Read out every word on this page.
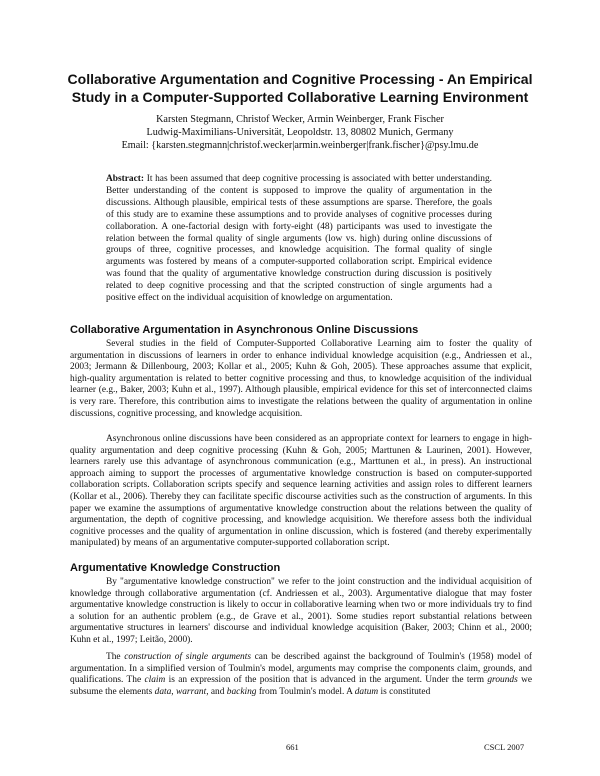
Collaborative Argumentation and Cognitive Processing - An Empirical
Study in a Computer-Supported Collaborative Learning Environment
Karsten Stegmann, Christof Wecker, Armin Weinberger, Frank Fischer
Ludwig-Maximilians-Universität, Leopoldstr. 13, 80802 Munich, Germany
Email: {karsten.stegmann|christof.wecker|armin.weinberger|frank.fischer}@psy.lmu.de
Abstract: It has been assumed that deep cognitive processing is associated with better understanding. Better understanding of the content is supposed to improve the quality of argumentation in the discussions. Although plausible, empirical tests of these assumptions are sparse. Therefore, the goals of this study are to examine these assumptions and to provide analyses of cognitive processes during collaboration. A one-factorial design with forty-eight (48) participants was used to investigate the relation between the formal quality of single arguments (low vs. high) during online discussions of groups of three, cognitive processes, and knowledge acquisition. The formal quality of single arguments was fostered by means of a computer-supported collaboration script. Empirical evidence was found that the quality of argumentative knowledge construction during discussion is positively related to deep cognitive processing and that the scripted construction of single arguments had a positive effect on the individual acquisition of knowledge on argumentation.
Collaborative Argumentation in Asynchronous Online Discussions

Several studies in the field of Computer-Supported Collaborative Learning aim to foster the quality of argumentation in discussions of learners in order to enhance individual knowledge acquisition (e.g., Andriessen et al., 2003; Jermann & Dillenbourg, 2003; Kollar et al., 2005; Kuhn & Goh, 2005). These approaches assume that explicit, high-quality argumentation is related to better cognitive processing and thus, to knowledge acquisition of the individual learner (e.g., Baker, 2003; Kuhn et al., 1997). Although plausible, empirical evidence for this set of interconnected claims is very rare. Therefore, this contribution aims to investigate the relations between the quality of argumentation in online discussions, cognitive processing, and knowledge acquisition.

Asynchronous online discussions have been considered as an appropriate context for learners to engage in high-quality argumentation and deep cognitive processing (Kuhn & Goh, 2005; Marttunen & Laurinen, 2001). However, learners rarely use this advantage of asynchronous communication (e.g., Marttunen et al., in press). An instructional approach aiming to support the processes of argumentative knowledge construction is based on computer-supported collaboration scripts. Collaboration scripts specify and sequence learning activities and assign roles to different learners (Kollar et al., 2006). Thereby they can facilitate specific discourse activities such as the construction of arguments. In this paper we examine the assumptions of argumentative knowledge construction about the relations between the quality of argumentation, the depth of cognitive processing, and knowledge acquisition. We therefore assess both the individual cognitive processes and the quality of argumentation in online discussion, which is fostered (and thereby experimentally manipulated) by means of an argumentative computer-supported collaboration script.

Argumentative Knowledge Construction

By "argumentative knowledge construction" we refer to the joint construction and the individual acquisition of knowledge through collaborative argumentation (cf. Andriessen et al., 2003). Argumentative dialogue that may foster argumentative knowledge construction is likely to occur in collaborative learning when two or more individuals try to find a solution for an authentic problem (e.g., de Grave et al., 2001). Some studies report substantial relations between argumentative structures in learners' discourse and individual knowledge acquisition (Baker, 2003; Chinn et al., 2000; Kuhn et al., 1997; Leitão, 2000).

The construction of single arguments can be described against the background of Toulmin's (1958) model of argumentation. In a simplified version of Toulmin's model, arguments may comprise the components claim, grounds, and qualifications. The claim is an expression of the position that is advanced in the argument. Under the term grounds we subsume the elements data, warrant, and backing from Toulmin's model. A datum is constituted

661	CSCL 2007
